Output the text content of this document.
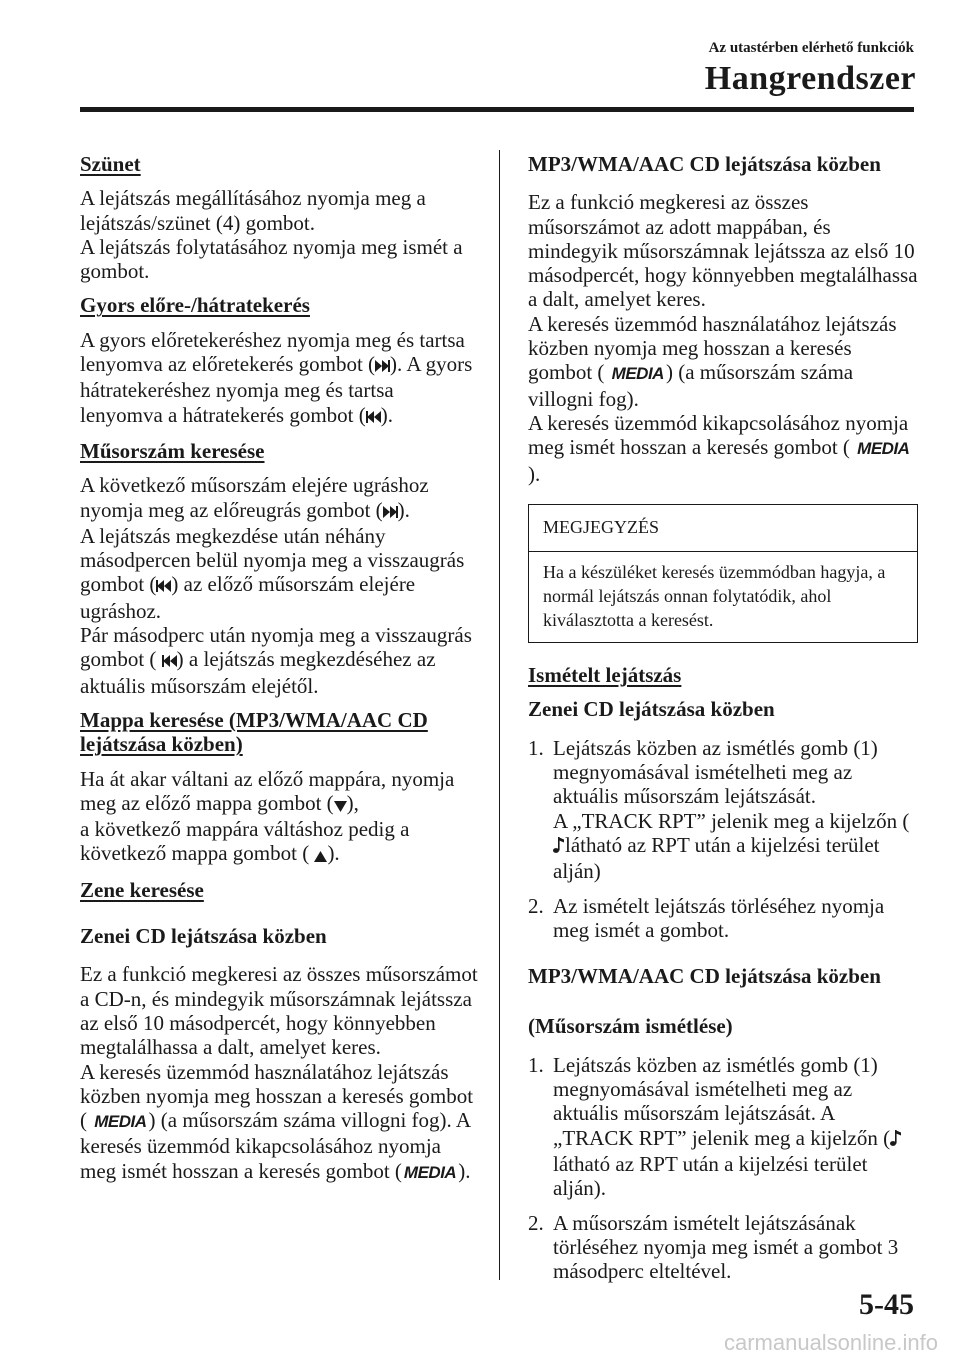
Az utastérben elérhető funkciók
Hangrendszer
Szünet

A lejátszás megállításához nyomja meg a lejátszás/szünet (4) gombot.
A lejátszás folytatásához nyomja meg ismét a gombot.

Gyors előre-/hátratekerés

A gyors előretekeréshez nyomja meg és tartsa lenyomva az előretekerés gombot ( ). A gyors hátratekeréshez nyomja meg és tartsa lenyomva a hátratekerés gombot ( ).

Műsorszám keresése

A következő műsorszám elejére ugráshoz nyomja meg az előreugrás gombot ( ).
A lejátszás megkezdése után néhány másodpercen belül nyomja meg a visszaugrás gombot ( ) az előző műsorszám elejére ugráshoz.
Pár másodperc után nyomja meg a visszaugrás gombot ( ) a lejátszás megkezdéséhez az aktuális műsorszám elejétől.

Mappa keresése (MP3/WMA/AAC CD
lejátszása közben)

Ha át akar váltani az előző mappára, nyomja meg az előző mappa gombot ( ),
a következő mappára váltáshoz pedig a következő mappa gombot ( ).

Zene keresése
Zenei CD lejátszása közben

Ez a funkció megkeresi az összes műsorszámot a CD-n, és mindegyik műsorszámnak lejátssza az első 10 másodpercét, hogy könnyebben megtalálhassa a dalt, amelyet keres.
A keresés üzemmód használatához lejátszás közben nyomja meg hosszan a keresés gombot ( MEDIA) (a műsorszám száma villogni fog). A keresés üzemmód kikapcsolásához nyomja meg ismét hosszan a keresés gombot ( MEDIA).

MP3/WMA/AAC CD lejátszása közben

Ez a funkció megkeresi az összes műsorszámot az adott mappában, és mindegyik műsorszámnak lejátssza az első 10 másodpercét, hogy könnyebben megtalálhassa a dalt, amelyet keres.
A keresés üzemmód használatához lejátszás közben nyomja meg hosszan a keresés gombot ( MEDIA) (a műsorszám száma villogni fog).
A keresés üzemmód kikapcsolásához nyomja meg ismét hosszan a keresés gombot ( MEDIA).

MEGJEGYZÉS
Ha a készüléket keresés üzemmódban hagyja, a normál lejátszás onnan folytatódik, ahol kiválasztotta a keresést.
Ismételt lejátszás
Zenei CD lejátszása közben
1. Lejátszás közben az ismétlés gomb (1) megnyomásával ismételheti meg az aktuális műsorszám lejátszását.
A „TRACK RPT” jelenik meg a kijelzőn (látható az RPT után a kijelzési terület alján)
2. Az ismételt lejátszás törléséhez nyomja meg ismét a gombot.
MP3/WMA/AAC CD lejátszása közben
(Műsorszám ismétlése)
1. Lejátszás közben az ismétlés gomb (1) megnyomásával ismételheti meg az aktuális műsorszám lejátszását. A „TRACK RPT” jelenik meg a kijelzőn (látható az RPT után a kijelzési terület alján).
2. A műsorszám ismételt lejátszásának törléséhez nyomja meg ismét a gombot 3 másodperc elteltével.
5-45
carmanualsonline.info
